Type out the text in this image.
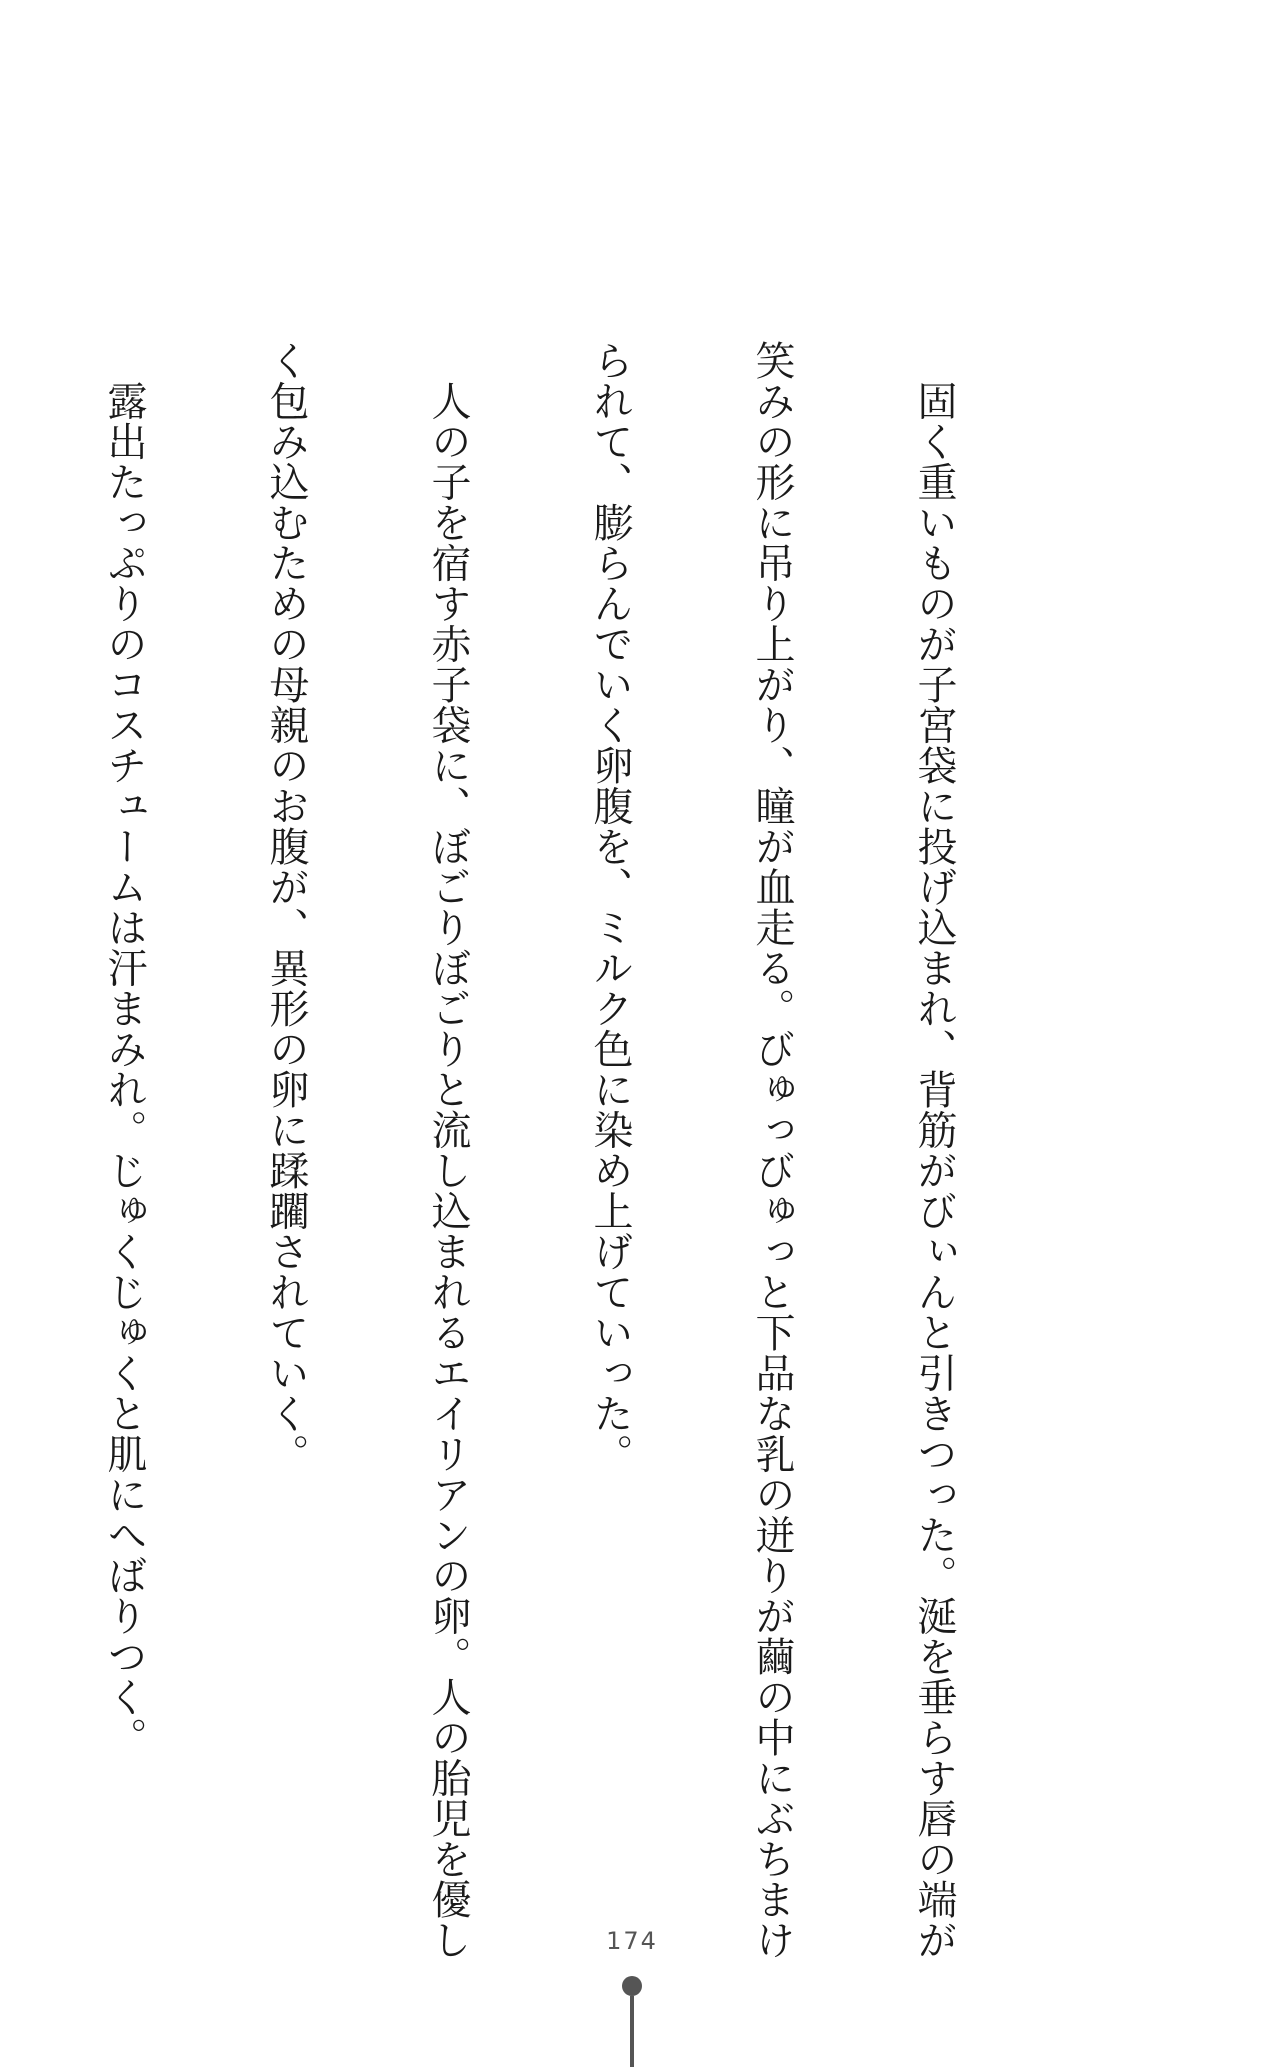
　固く重いものが子宮袋に投げ込まれ、背筋がびぃんと引きつった。涎を垂らす唇の端が

笑みの形に吊り上がり、瞳が血走る。びゅっびゅっと下品な乳の迸りが繭の中にぶちまけ

られて、膨らんでいく卵腹を、ミルク色に染め上げていった。

　人の子を宿す赤子袋に、ぼごりぼごりと流し込まれるエイリアンの卵。人の胎児を優し

く包み込むための母親のお腹が、異形の卵に蹂躙されていく。

　露出たっぷりのコスチュームは汗まみれ。じゅくじゅくと肌にへばりつく。

174
